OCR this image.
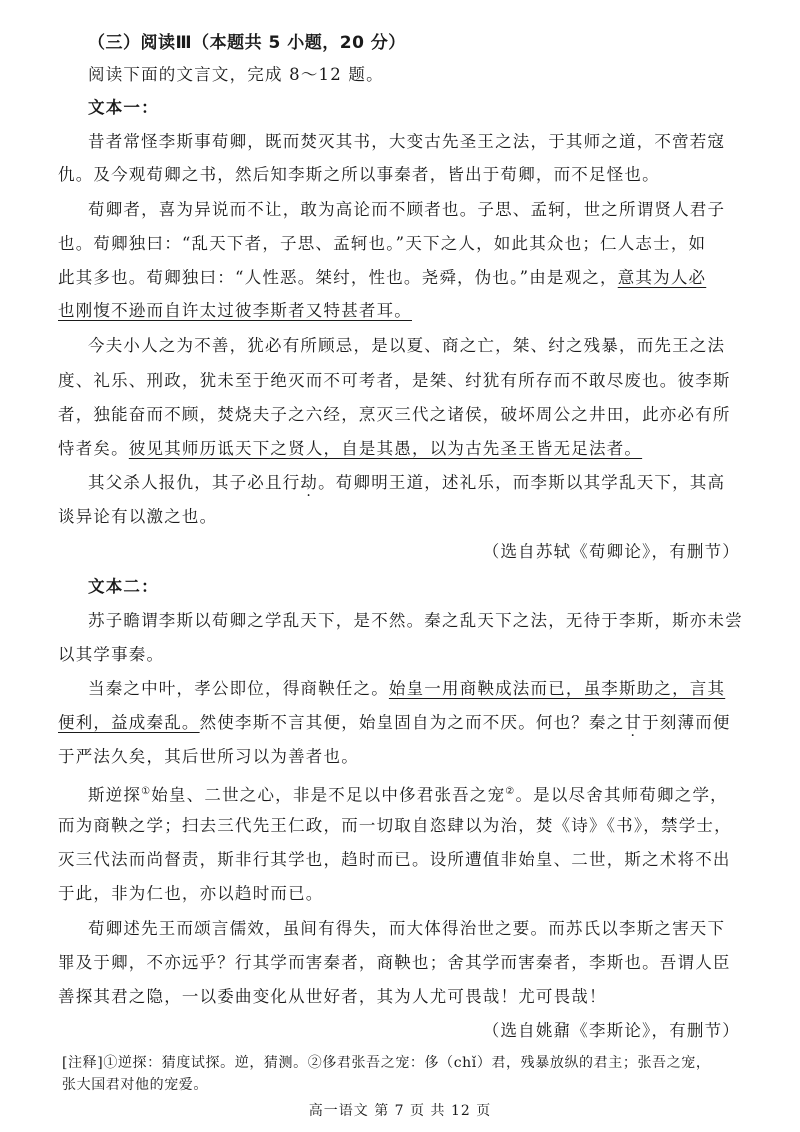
（三）阅读Ⅲ（本题共 5 小题，20 分）
阅读下面的文言文，完成 8～12 题。
文本一：
昔者常怪李斯事荀卿，既而焚灭其书，大变古先圣王之法，于其师之道，不啻若寇
仇。及今观荀卿之书，然后知李斯之所以事秦者，皆出于荀卿，而不足怪也。
荀卿者，喜为异说而不让，敢为高论而不顾者也。子思、孟轲，世之所谓贤人君子
也。荀卿独曰：“乱天下者，子思、孟轲也。”天下之人，如此其众也；仁人志士，如
此其多也。荀卿独曰：“人性恶。桀纣，性也。尧舜，伪也。”由是观之，意其为人必
也刚愎不逊而自许太过彼李斯者又特甚者耳。
今夫小人之为不善，犹必有所顾忌，是以夏、商之亡，桀、纣之残暴，而先王之法
度、礼乐、刑政，犹未至于绝灭而不可考者，是桀、纣犹有所存而不敢尽废也。彼李斯
者，独能奋而不顾，焚烧夫子之六经，烹灭三代之诸侯，破坏周公之井田，此亦必有所
恃者矣。彼见其师历诋天下之贤人，自是其愚，以为古先圣王皆无足法者。
其父杀人报仇，其子必且行劫。荀卿明王道，述礼乐，而李斯以其学乱天下，其高
谈异论有以激之也。
（选自苏轼《荀卿论》，有删节）
文本二：
苏子瞻谓李斯以荀卿之学乱天下，是不然。秦之乱天下之法，无待于李斯，斯亦未尝
以其学事秦。
当秦之中叶，孝公即位，得商鞅任之。始皇一用商鞅成法而已，虽李斯助之，言其
便利，益成秦乱。然使李斯不言其便，始皇固自为之而不厌。何也？秦之甘于刻薄而便
于严法久矣，其后世所习以为善者也。
斯逆探①始皇、二世之心，非是不足以中侈君张吾之宠②。是以尽舍其师荀卿之学，
而为商鞅之学；扫去三代先王仁政，而一切取自恣肆以为治，焚《诗》《书》，禁学士，
灭三代法而尚督责，斯非行其学也，趋时而已。设所遭值非始皇、二世，斯之术将不出
于此，非为仁也，亦以趋时而已。
荀卿述先王而颂言儒效，虽间有得失，而大体得治世之要。而苏氏以李斯之害天下
罪及于卿，不亦远乎？行其学而害秦者，商鞅也；舍其学而害秦者，李斯也。吾谓人臣
善探其君之隐，一以委曲变化从世好者，其为人尤可畏哉！尤可畏哉！
（选自姚鼐《李斯论》，有删节）
[注释]①逆探：猜度试探。逆，猜测。②侈君张吾之宠：侈（chǐ）君，残暴放纵的君主；张吾之宠，
张大国君对他的宠爱。
高一语文 第 7 页 共 12 页
